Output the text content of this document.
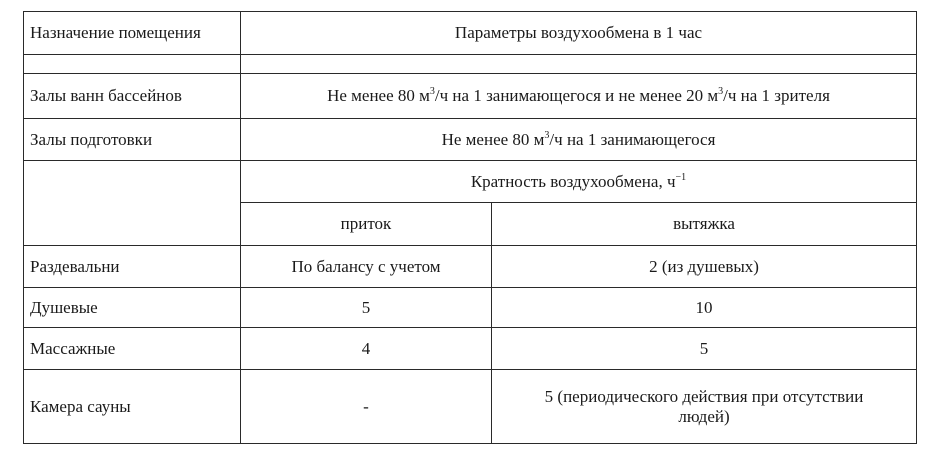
Назначение помещения	Параметры воздухообмена в 1 час	

Залы ванн бассейнов	Не менее 80 $м^3/ч$ на 1 занимающегося и не менее 20 $м^3/ч$ на 1 зрителя	
Залы подготовки	Не менее 80 $м^3/ч$ на 1 занимающегося	
	Кратность воздухообмена, $ч^{-1}$
	приток	вытяжка
Раздевальни	По балансу с учетом	2 (из душевых)
Душевые	5	10
Массажные	4	5
Камера сауны	-	5 (периодического действия при отсутствии людей)
